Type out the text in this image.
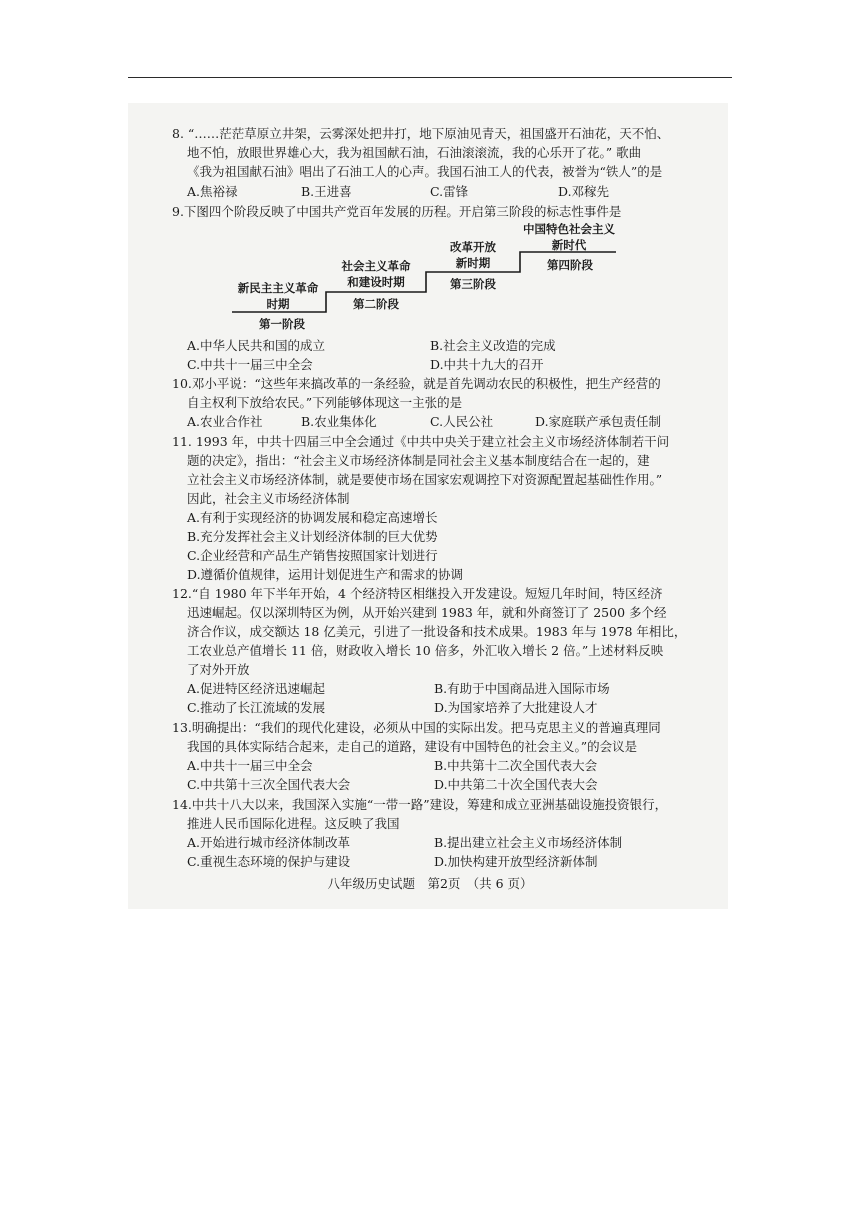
8. “……茫茫草原立井架，云雾深处把井打，地下原油见青天，祖国盛开石油花，天不怕、
地不怕，放眼世界雄心大，我为祖国献石油，石油滚滚流，我的心乐开了花。” 歌曲
《我为祖国献石油》唱出了石油工人的心声。我国石油工人的代表，被誉为“铁人”的是
A.焦裕禄	B.王进喜	C.雷锋	D.邓稼先
9.下图四个阶段反映了中国共产党百年发展的历程。开启第三阶段的标志性事件是
新民主主义革命
时期
第一阶段
社会主义革命
和建设时期
第二阶段
改革开放
新时期
第三阶段
中国特色社会主义
新时代
第四阶段
A.中华人民共和国的成立	B.社会主义改造的完成
C.中共十一届三中全会	D.中共十九大的召开
10.邓小平说：“这些年来搞改革的一条经验，就是首先调动农民的积极性，把生产经营的
自主权利下放给农民。”下列能够体现这一主张的是
A.农业合作社	B.农业集体化	C.人民公社	D.家庭联产承包责任制
11. 1993 年，中共十四届三中全会通过《中共中央关于建立社会主义市场经济体制若干问
题的决定》，指出：“社会主义市场经济体制是同社会主义基本制度结合在一起的，建
立社会主义市场经济体制，就是要使市场在国家宏观调控下对资源配置起基础性作用。”
因此，社会主义市场经济体制
A.有利于实现经济的协调发展和稳定高速增长
B.充分发挥社会主义计划经济体制的巨大优势
C.企业经营和产品生产销售按照国家计划进行
D.遵循价值规律，运用计划促进生产和需求的协调
12.“自 1980 年下半年开始，4 个经济特区相继投入开发建设。短短几年时间，特区经济
迅速崛起。仅以深圳特区为例，从开始兴建到 1983 年，就和外商签订了 2500 多个经
济合作议，成交额达 18 亿美元，引进了一批设备和技术成果。1983 年与 1978 年相比，
工农业总产值增长 11 倍，财政收入增长 10 倍多，外汇收入增长 2 倍。”上述材料反映
了对外开放
A.促进特区经济迅速崛起	B.有助于中国商品进入国际市场
C.推动了长江流域的发展	D.为国家培养了大批建设人才
13.明确提出：“我们的现代化建设，必须从中国的实际出发。把马克思主义的普遍真理同
我国的具体实际结合起来，走自己的道路，建设有中国特色的社会主义。”的会议是
A.中共十一届三中全会	B.中共第十二次全国代表大会
C.中共第十三次全国代表大会	D.中共第二十次全国代表大会
14.中共十八大以来，我国深入实施“一带一路”建设，筹建和成立亚洲基础设施投资银行，
推进人民币国际化进程。这反映了我国
A.开始进行城市经济体制改革	B.提出建立社会主义市场经济体制
C.重视生态环境的保护与建设	D.加快构建开放型经济新体制
八年级历史试题　第2页　（共 6 页）
